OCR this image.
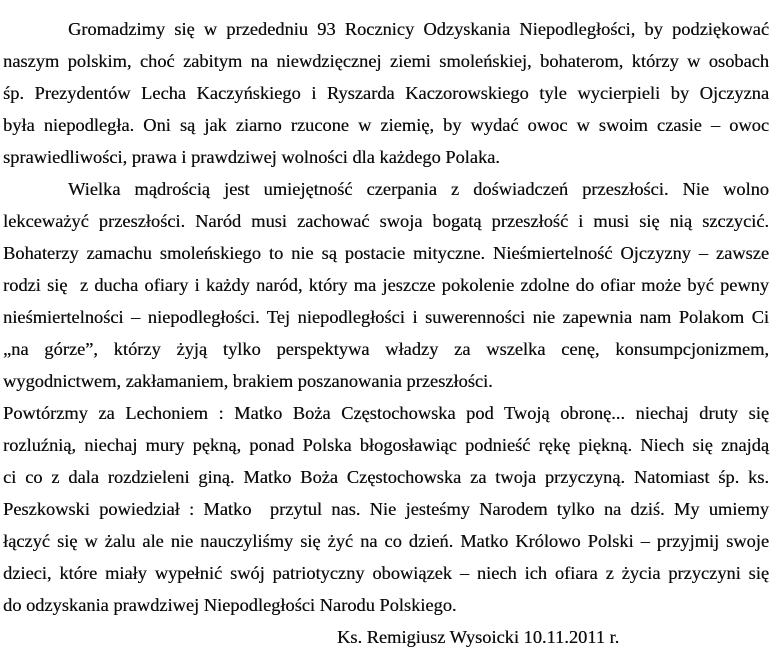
Gromadzimy się w przededniu 93 Rocznicy Odzyskania Niepodległości, by podziękować
naszym polskim, choć zabitym na niewdzięcznej ziemi smoleńskiej, bohaterom, którzy w osobach
śp. Prezydentów Lecha Kaczyńskiego i Ryszarda Kaczorowskiego tyle wycierpieli by Ojczyzna
była niepodległa. Oni są jak ziarno rzucone w ziemię, by wydać owoc w swoim czasie – owoc
sprawiedliwości, prawa i prawdziwej wolności dla każdego Polaka.
Wielka mądrością jest umiejętność czerpania z doświadczeń przeszłości. Nie wolno
lekceważyć przeszłości. Naród musi zachować swoja bogatą przeszłość i musi się nią szczycić.
Bohaterzy zamachu smoleńskiego to nie są postacie mityczne. Nieśmiertelność Ojczyzny – zawsze
rodzi się  z ducha ofiary i każdy naród, który ma jeszcze pokolenie zdolne do ofiar może być pewny
nieśmiertelności – niepodległości. Tej niepodległości i suwerenności nie zapewnia nam Polakom Ci
„na górze”, którzy żyją tylko perspektywa władzy za wszelka cenę, konsumpcjonizmem,
wygodnictwem, zakłamaniem, brakiem poszanowania przeszłości.
Powtórzmy za Lechoniem : Matko Boża Częstochowska pod Twoją obronę... niechaj druty się
rozluźnią, niechaj mury pękną, ponad Polska błogosławiąc podnieść rękę piękną. Niech się znajdą
ci co z dala rozdzieleni giną. Matko Boża Częstochowska za twoja przyczyną. Natomiast śp. ks.
Peszkowski powiedział : Matko  przytul nas. Nie jesteśmy Narodem tylko na dziś. My umiemy
łączyć się w żalu ale nie nauczyliśmy się żyć na co dzień. Matko Królowo Polski – przyjmij swoje
dzieci, które miały wypełnić swój patriotyczny obowiązek – niech ich ofiara z życia przyczyni się
do odzyskania prawdziwej Niepodległości Narodu Polskiego.
Ks. Remigiusz Wysoicki 10.11.2011 r.
